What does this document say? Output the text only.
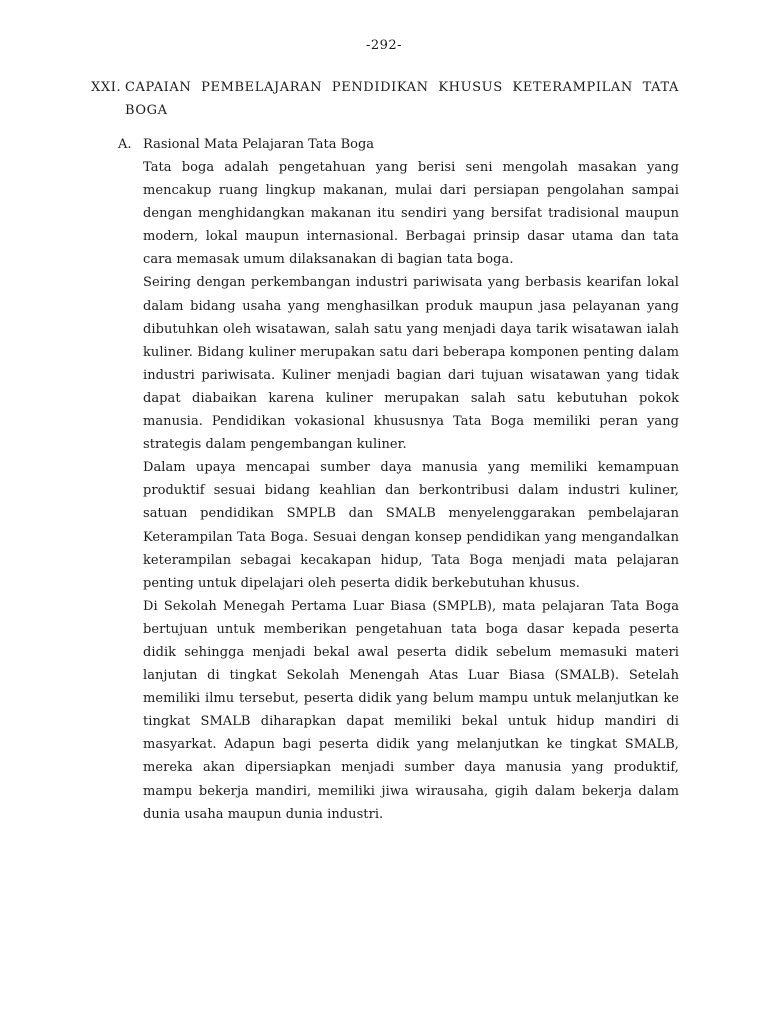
-292-
XXI. CAPAIAN PEMBELAJARAN PENDIDIKAN KHUSUS KETERAMPILAN TATA BOGA
A. Rasional Mata Pelajaran Tata Boga

Tata boga adalah pengetahuan yang berisi seni mengolah masakan yang mencakup ruang lingkup makanan, mulai dari persiapan pengolahan sampai dengan menghidangkan makanan itu sendiri yang bersifat tradisional maupun modern, lokal maupun internasional. Berbagai prinsip dasar utama dan tata cara memasak umum dilaksanakan di bagian tata boga.

Seiring dengan perkembangan industri pariwisata yang berbasis kearifan lokal dalam bidang usaha yang menghasilkan produk maupun jasa pelayanan yang dibutuhkan oleh wisatawan, salah satu yang menjadi daya tarik wisatawan ialah kuliner. Bidang kuliner merupakan satu dari beberapa komponen penting dalam industri pariwisata. Kuliner menjadi bagian dari tujuan wisatawan yang tidak dapat diabaikan karena kuliner merupakan salah satu kebutuhan pokok manusia. Pendidikan vokasional khususnya Tata Boga memiliki peran yang strategis dalam pengembangan kuliner.

Dalam upaya mencapai sumber daya manusia yang memiliki kemampuan produktif sesuai bidang keahlian dan berkontribusi dalam industri kuliner, satuan pendidikan SMPLB dan SMALB menyelenggarakan pembelajaran Keterampilan Tata Boga. Sesuai dengan konsep pendidikan yang mengandalkan keterampilan sebagai kecakapan hidup, Tata Boga menjadi mata pelajaran penting untuk dipelajari oleh peserta didik berkebutuhan khusus.

Di Sekolah Menegah Pertama Luar Biasa (SMPLB), mata pelajaran Tata Boga bertujuan untuk memberikan pengetahuan tata boga dasar kepada peserta didik sehingga menjadi bekal awal peserta didik sebelum memasuki materi lanjutan di tingkat Sekolah Menengah Atas Luar Biasa (SMALB). Setelah memiliki ilmu tersebut, peserta didik yang belum mampu untuk melanjutkan ke tingkat SMALB diharapkan dapat memiliki bekal untuk hidup mandiri di masyarkat. Adapun bagi peserta didik yang melanjutkan ke tingkat SMALB, mereka akan dipersiapkan menjadi sumber daya manusia yang produktif, mampu bekerja mandiri, memiliki jiwa wirausaha, gigih dalam bekerja dalam dunia usaha maupun dunia industri.
